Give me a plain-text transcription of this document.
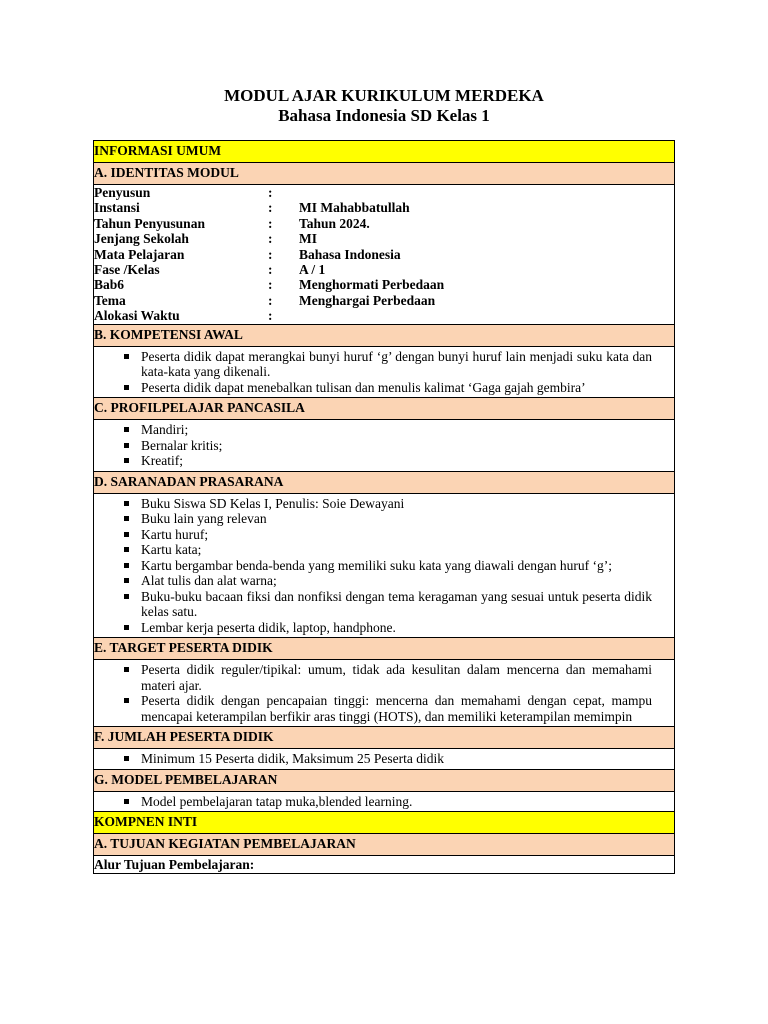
MODUL AJAR KURIKULUM MERDEKA
Bahasa Indonesia SD Kelas 1
INFORMASI UMUM
A. IDENTITAS MODUL

Penyusun	:
Instansi	:	MI Mahabbatullah
Tahun Penyusunan	:	Tahun 2024.
Jenjang Sekolah	:	MI
Mata Pelajaran	:	Bahasa Indonesia
Fase /Kelas	:	A / 1
Bab6	:	Menghormati Perbedaan
Tema	:	Menghargai Perbedaan
Alokasi Waktu	:

B. KOMPETENSI AWAL

Peserta didik dapat merangkai bunyi huruf ‘g’ dengan bunyi huruf lain menjadi suku kata dan kata-kata yang dikenali.
Peserta didik dapat menebalkan tulisan dan menulis kalimat ‘Gaga gajah gembira’

C. PROFILPELAJAR PANCASILA

Mandiri;
Bernalar kritis;
Kreatif;

D. SARANADAN PRASARANA

Buku Siswa SD Kelas I, Penulis: Soie Dewayani
Buku lain yang relevan
Kartu huruf;
Kartu kata;
Kartu bergambar benda-benda yang memiliki suku kata yang diawali dengan huruf ‘g’;
Alat tulis dan alat warna;
Buku-buku bacaan fiksi dan nonfiksi dengan tema keragaman yang sesuai untuk peserta didik kelas satu.
Lembar kerja peserta didik, laptop, handphone.

E. TARGET PESERTA DIDIK

Peserta didik reguler/tipikal: umum, tidak ada kesulitan dalam mencerna dan memahami materi ajar.
Peserta didik dengan pencapaian tinggi: mencerna dan memahami dengan cepat, mampu mencapai keterampilan berfikir aras tinggi (HOTS), dan memiliki keterampilan memimpin

F. JUMLAH PESERTA DIDIK

Minimum 15 Peserta didik, Maksimum 25 Peserta didik

G. MODEL PEMBELAJARAN

Model pembelajaran tatap muka,blended learning.

KOMPNEN INTI
A. TUJUAN KEGIATAN PEMBELAJARAN
Alur Tujuan Pembelajaran:
